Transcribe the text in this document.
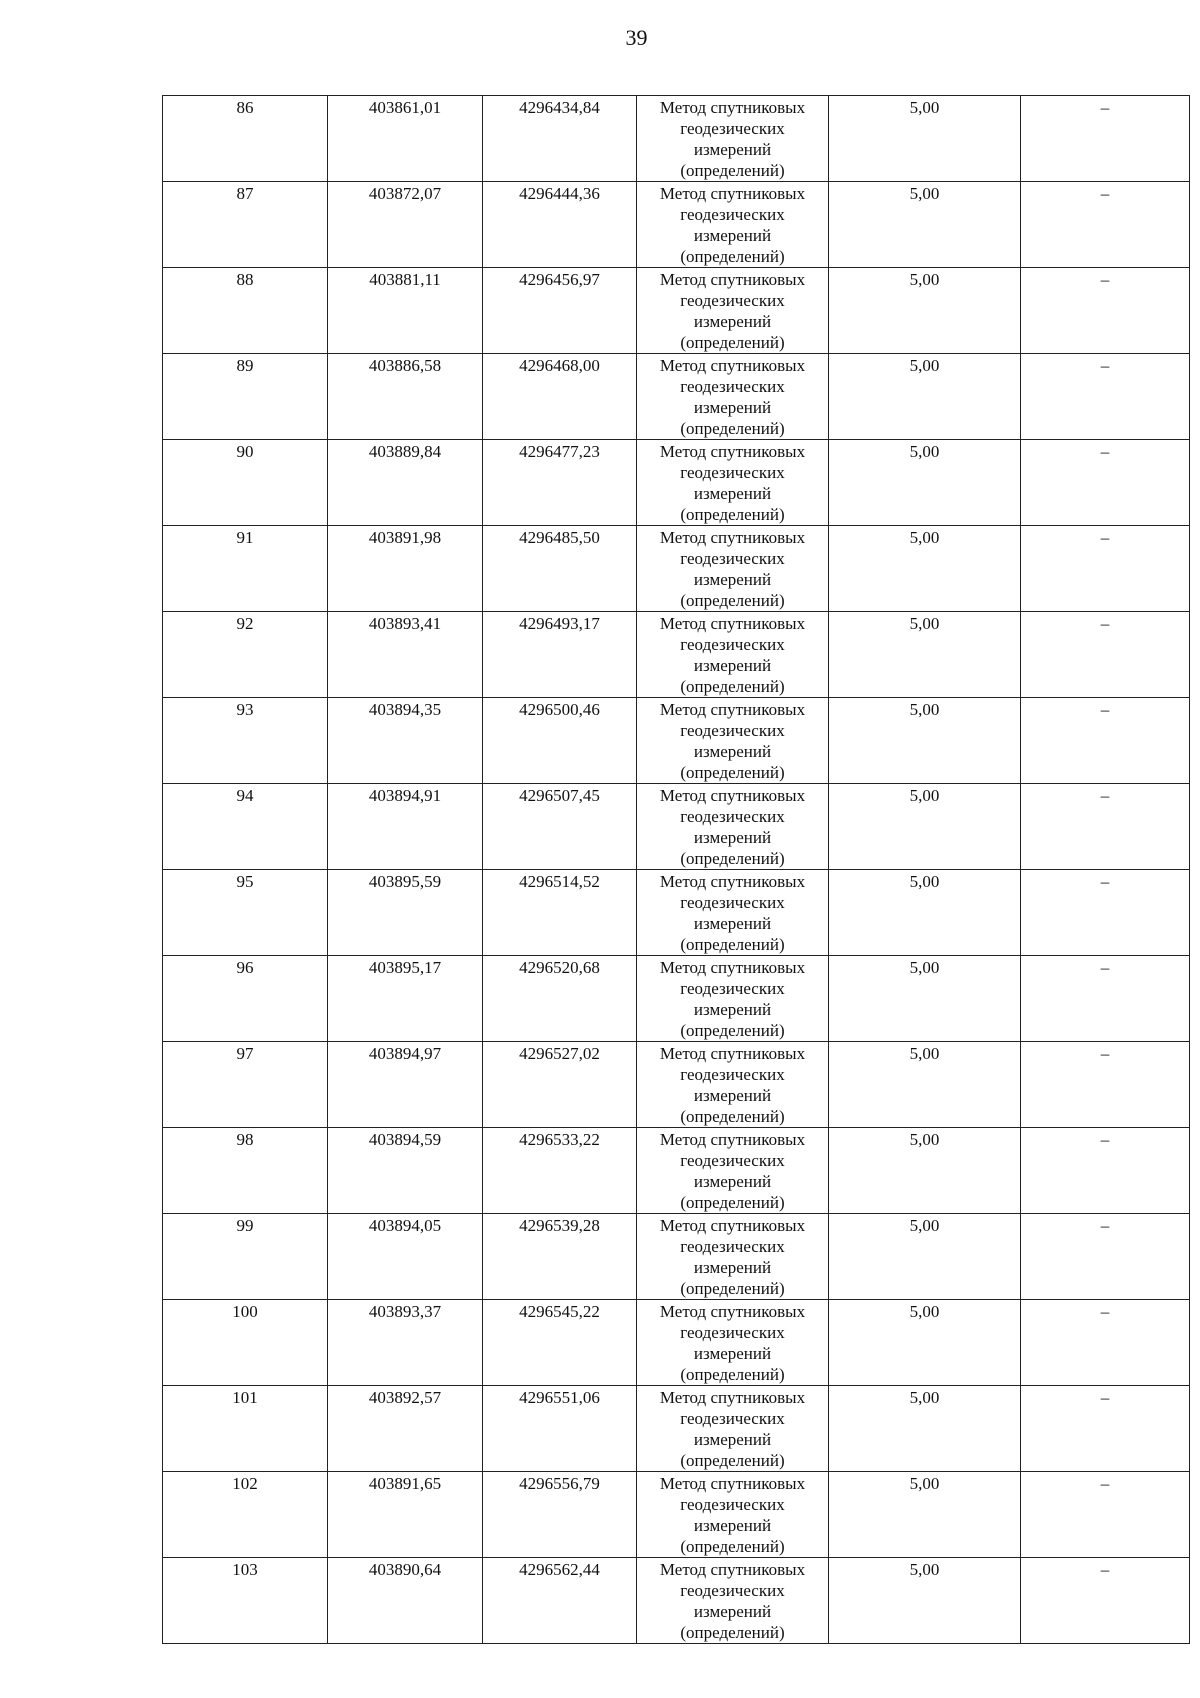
39
86	403861,01	4296434,84	Метод спутниковых
геодезических
измерений
(определений)	5,00	–
87	403872,07	4296444,36	Метод спутниковых
геодезических
измерений
(определений)	5,00	–
88	403881,11	4296456,97	Метод спутниковых
геодезических
измерений
(определений)	5,00	–
89	403886,58	4296468,00	Метод спутниковых
геодезических
измерений
(определений)	5,00	–
90	403889,84	4296477,23	Метод спутниковых
геодезических
измерений
(определений)	5,00	–
91	403891,98	4296485,50	Метод спутниковых
геодезических
измерений
(определений)	5,00	–
92	403893,41	4296493,17	Метод спутниковых
геодезических
измерений
(определений)	5,00	–
93	403894,35	4296500,46	Метод спутниковых
геодезических
измерений
(определений)	5,00	–
94	403894,91	4296507,45	Метод спутниковых
геодезических
измерений
(определений)	5,00	–
95	403895,59	4296514,52	Метод спутниковых
геодезических
измерений
(определений)	5,00	–
96	403895,17	4296520,68	Метод спутниковых
геодезических
измерений
(определений)	5,00	–
97	403894,97	4296527,02	Метод спутниковых
геодезических
измерений
(определений)	5,00	–
98	403894,59	4296533,22	Метод спутниковых
геодезических
измерений
(определений)	5,00	–
99	403894,05	4296539,28	Метод спутниковых
геодезических
измерений
(определений)	5,00	–
100	403893,37	4296545,22	Метод спутниковых
геодезических
измерений
(определений)	5,00	–
101	403892,57	4296551,06	Метод спутниковых
геодезических
измерений
(определений)	5,00	–
102	403891,65	4296556,79	Метод спутниковых
геодезических
измерений
(определений)	5,00	–
103	403890,64	4296562,44	Метод спутниковых
геодезических
измерений
(определений)	5,00	–
